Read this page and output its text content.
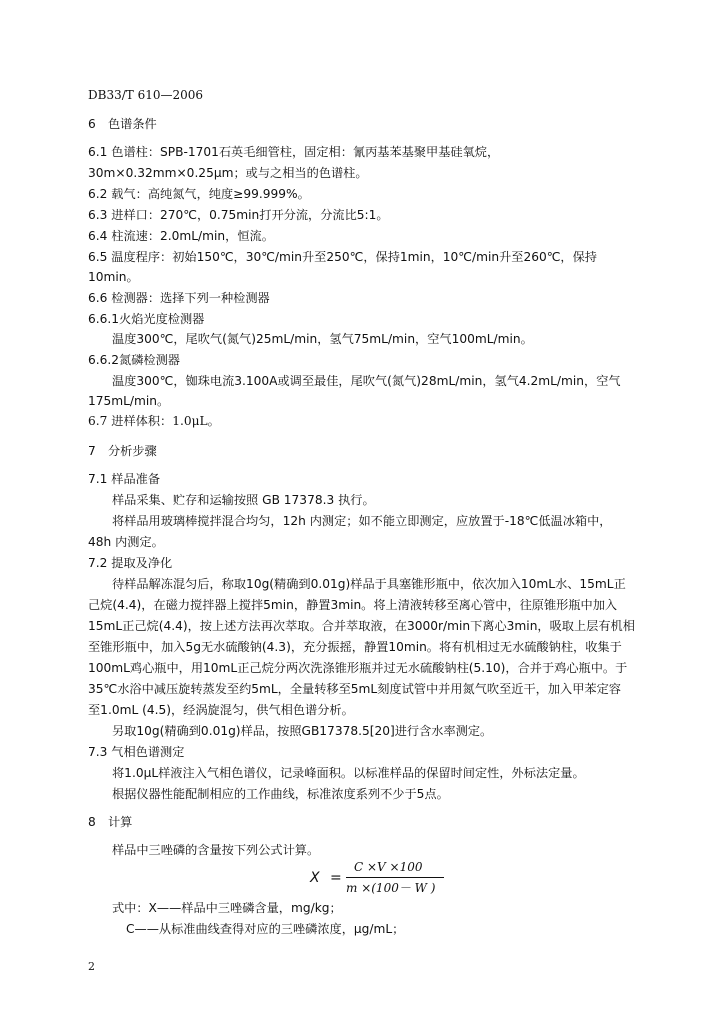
DB33/T 610—2006
6　色谱条件
6.1 色谱柱：SPB-1701石英毛细管柱，固定相：氰丙基苯基聚甲基硅氧烷，
30m×0.32mm×0.25μm；或与之相当的色谱柱。
6.2 载气：高纯氮气，纯度≥99.999%。
6.3 进样口：270℃，0.75min打开分流，分流比5:1。
6.4 柱流速：2.0mL/min，恒流。
6.5 温度程序：初始150℃，30℃/min升至250℃，保持1min，10℃/min升至260℃，保持
10min。
6.6 检测器：选择下列一种检测器
6.6.1火焰光度检测器
温度300℃，尾吹气(氮气)25mL/min，氢气75mL/min，空气100mL/min。
6.6.2氮磷检测器
温度300℃，铷珠电流3.100A或调至最佳，尾吹气(氮气)28mL/min，氢气4.2mL/min，空气
175mL/min。
6.7 进样体积：1.0μL。
7　分析步骤
7.1 样品准备
样品采集、贮存和运输按照 GB 17378.3 执行。
将样品用玻璃棒搅拌混合均匀，12h 内测定；如不能立即测定，应放置于-18℃低温冰箱中，
48h 内测定。
7.2 提取及净化
待样品解冻混匀后，称取10g(精确到0.01g)样品于具塞锥形瓶中，依次加入10mL水、15mL正
己烷(4.4)，在磁力搅拌器上搅拌5min，静置3min。将上清液转移至离心管中，往原锥形瓶中加入
15mL正己烷(4.4)，按上述方法再次萃取。合并萃取液，在3000r/min下离心3min，吸取上层有机相
至锥形瓶中，加入5g无水硫酸钠(4.3)，充分振摇，静置10min。将有机相过无水硫酸钠柱，收集于
100mL鸡心瓶中，用10mL正己烷分两次洗涤锥形瓶并过无水硫酸钠柱(5.10)，合并于鸡心瓶中。于
35℃水浴中减压旋转蒸发至约5mL，全量转移至5mL刻度试管中并用氮气吹至近干，加入甲苯定容
至1.0mL (4.5)，经涡旋混匀，供气相色谱分析。
另取10g(精确到0.01g)样品，按照GB17378.5[20]进行含水率测定。
7.3 气相色谱测定
将1.0μL样液注入气相色谱仪，记录峰面积。以标准样品的保留时间定性，外标法定量。
根据仪器性能配制相应的工作曲线，标准浓度系列不少于5点。
8　计算
样品中三唑磷的含量按下列公式计算。
X =
C ×V ×100
m ×(100－ W )
式中：X——样品中三唑磷含量，mg/kg；
C——从标准曲线查得对应的三唑磷浓度，μg/mL；
2
